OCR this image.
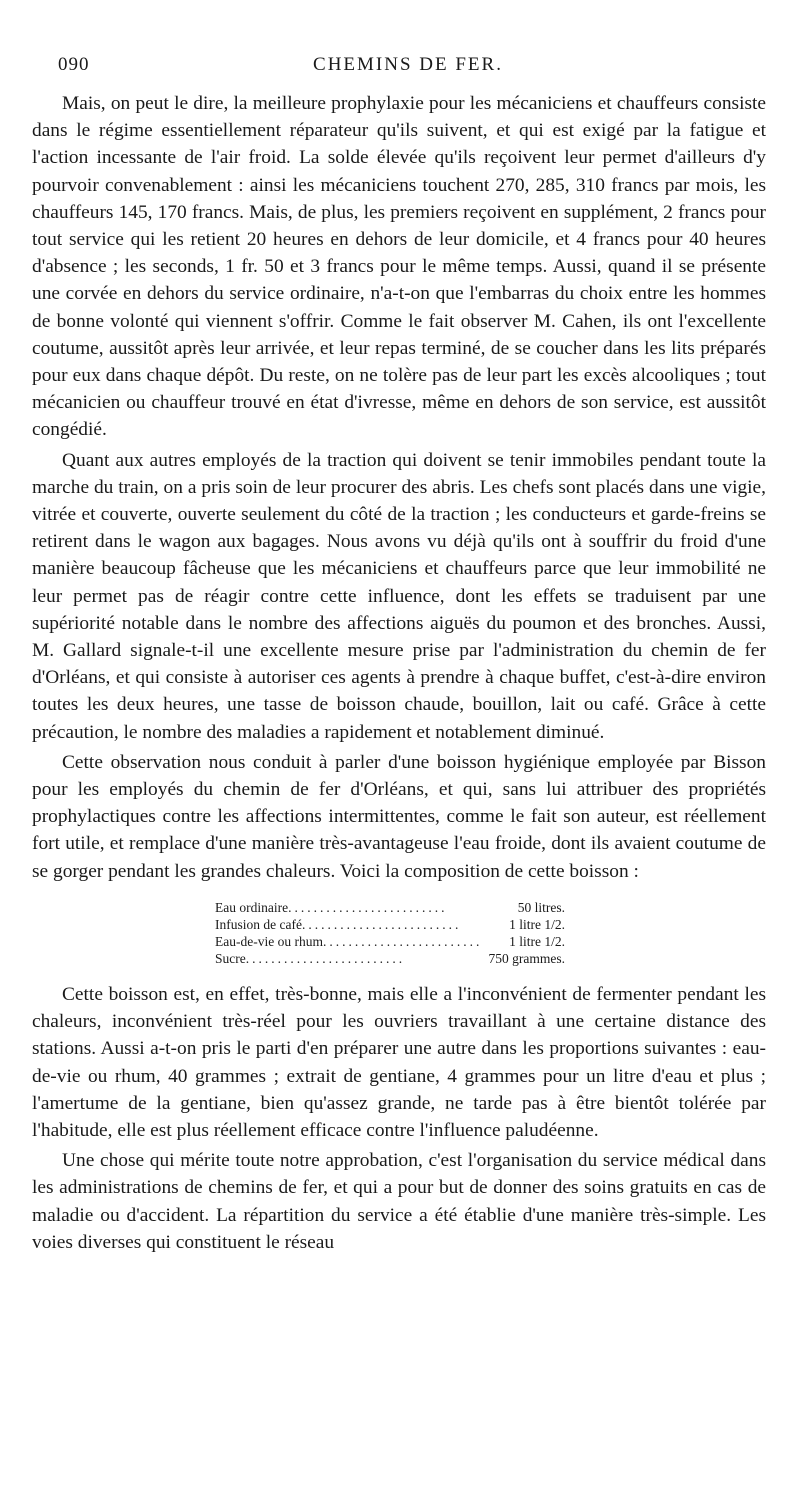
090	CHEMINS DE FER.

Mais, on peut le dire, la meilleure prophylaxie pour les mécaniciens et chauffeurs consiste dans le régime essentiellement réparateur qu'ils suivent, et qui est exigé par la fatigue et l'action incessante de l'air froid. La solde élevée qu'ils reçoivent leur permet d'ailleurs d'y pourvoir convenablement : ainsi les mécaniciens touchent 270, 285, 310 francs par mois, les chauffeurs 145, 170 francs. Mais, de plus, les premiers reçoivent en supplément, 2 francs pour tout service qui les retient 20 heures en dehors de leur domicile, et 4 francs pour 40 heures d'absence ; les seconds, 1 fr. 50 et 3 francs pour le même temps. Aussi, quand il se présente une corvée en dehors du service ordinaire, n'a-t-on que l'embarras du choix entre les hommes de bonne volonté qui viennent s'offrir. Comme le fait observer M. Cahen, ils ont l'excellente coutume, aussitôt après leur arrivée, et leur repas terminé, de se coucher dans les lits préparés pour eux dans chaque dépôt. Du reste, on ne tolère pas de leur part les excès alcooliques ; tout mécanicien ou chauffeur trouvé en état d'ivresse, même en dehors de son service, est aussitôt congédié.

Quant aux autres employés de la traction qui doivent se tenir immobiles pendant toute la marche du train, on a pris soin de leur procurer des abris. Les chefs sont placés dans une vigie, vitrée et couverte, ouverte seulement du côté de la traction ; les conducteurs et garde-freins se retirent dans le wagon aux bagages. Nous avons vu déjà qu'ils ont à souffrir du froid d'une manière beaucoup fâcheuse que les mécaniciens et chauffeurs parce que leur immobilité ne leur permet pas de réagir contre cette influence, dont les effets se traduisent par une supériorité notable dans le nombre des affections aiguës du poumon et des bronches. Aussi, M. Gallard signale-t-il une excellente mesure prise par l'administration du chemin de fer d'Orléans, et qui consiste à autoriser ces agents à prendre à chaque buffet, c'est-à-dire environ toutes les deux heures, une tasse de boisson chaude, bouillon, lait ou café. Grâce à cette précaution, le nombre des maladies a rapidement et notablement diminué.

Cette observation nous conduit à parler d'une boisson hygiénique employée par Bisson pour les employés du chemin de fer d'Orléans, et qui, sans lui attribuer des propriétés prophylactiques contre les affections intermittentes, comme le fait son auteur, est réellement fort utile, et remplace d'une manière très-avantageuse l'eau froide, dont ils avaient coutume de se gorger pendant les grandes chaleurs. Voici la composition de cette boisson :

Eau ordinaire.........................	50 litres.
Infusion de café.........................	1 litre 1/2.
Eau-de-vie ou rhum.........................	1 litre 1/2.
Sucre.........................	750 grammes.

Cette boisson est, en effet, très-bonne, mais elle a l'inconvénient de fermenter pendant les chaleurs, inconvénient très-réel pour les ouvriers travaillant à une certaine distance des stations. Aussi a-t-on pris le parti d'en préparer une autre dans les proportions suivantes : eau-de-vie ou rhum, 40 grammes ; extrait de gentiane, 4 grammes pour un litre d'eau et plus ; l'amertume de la gentiane, bien qu'assez grande, ne tarde pas à être bientôt tolérée par l'habitude, elle est plus réellement efficace contre l'influence paludéenne.

Une chose qui mérite toute notre approbation, c'est l'organisation du service médical dans les administrations de chemins de fer, et qui a pour but de donner des soins gratuits en cas de maladie ou d'accident. La répartition du service a été établie d'une manière très-simple. Les voies diverses qui constituent le réseau
